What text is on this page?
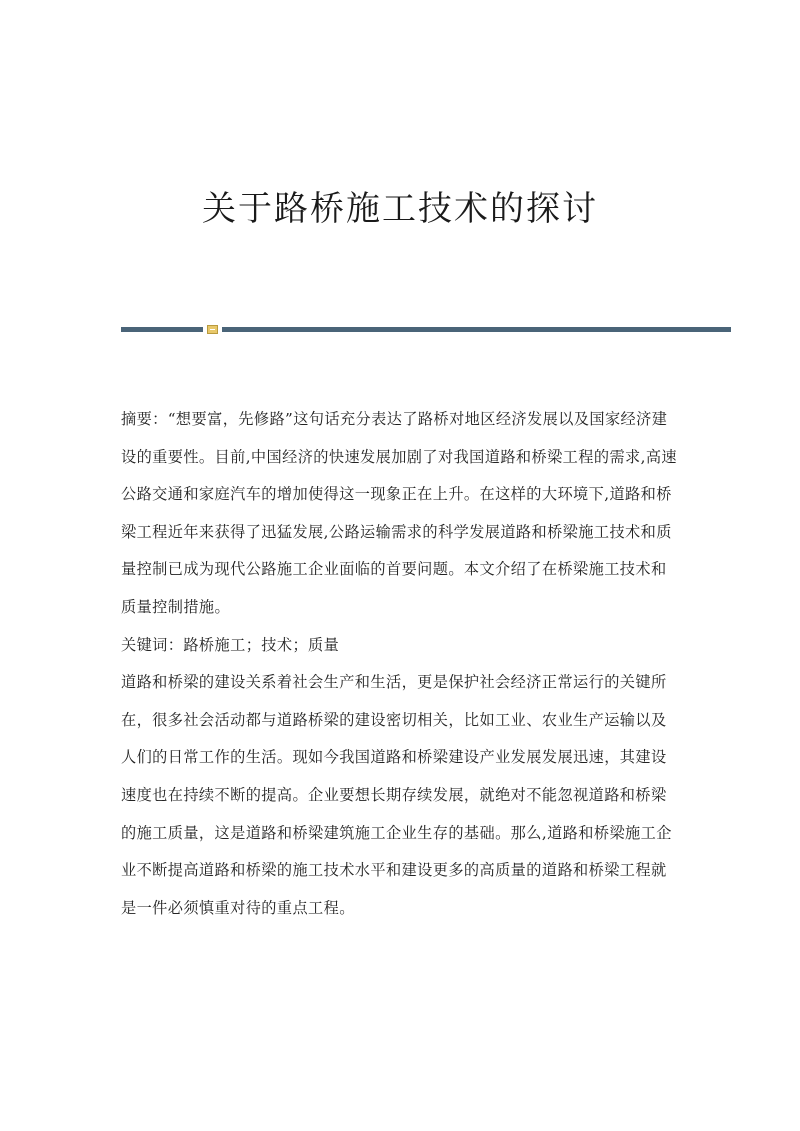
关于路桥施工技术的探讨

摘要：“想要富，先修路”这句话充分表达了路桥对地区经济发展以及国家经济建设的重要性。目前,中国经济的快速发展加剧了对我国道路和桥梁工程的需求,高速公路交通和家庭汽车的增加使得这一现象正在上升。在这样的大环境下,道路和桥梁工程近年来获得了迅猛发展,公路运输需求的科学发展道路和桥梁施工技术和质量控制已成为现代公路施工企业面临的首要问题。本文介绍了在桥梁施工技术和质量控制措施。

关键词：路桥施工；技术；质量

道路和桥梁的建设关系着社会生产和生活，更是保护社会经济正常运行的关键所在，很多社会活动都与道路桥梁的建设密切相关，比如工业、农业生产运输以及人们的日常工作的生活。现如今我国道路和桥梁建设产业发展发展迅速，其建设速度也在持续不断的提高。企业要想长期存续发展，就绝对不能忽视道路和桥梁的施工质量，这是道路和桥梁建筑施工企业生存的基础。那么,道路和桥梁施工企业不断提高道路和桥梁的施工技术水平和建设更多的高质量的道路和桥梁工程就是一件必须慎重对待的重点工程。
